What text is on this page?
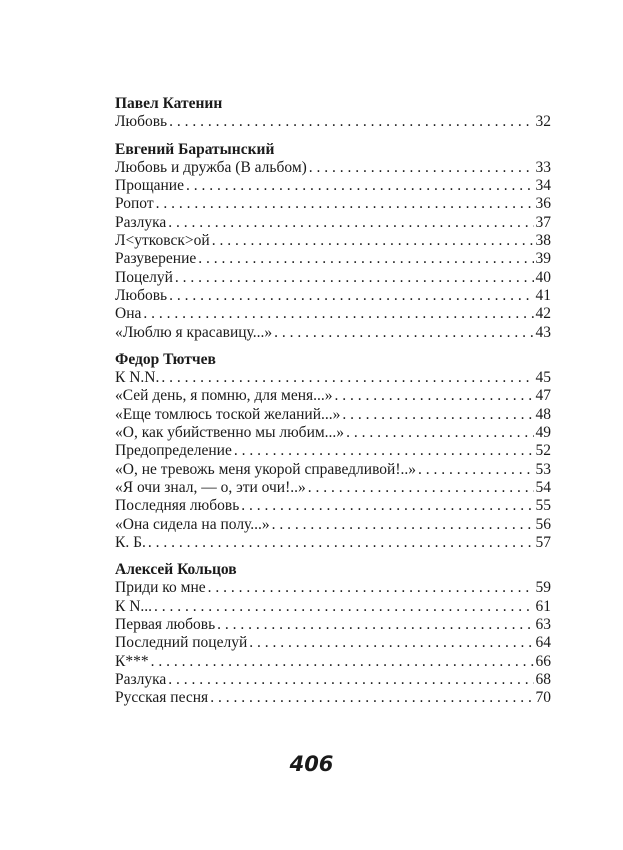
Павел Катенин
Любовь . . .	32
Евгений Баратынский
Любовь и дружба (В альбом) . . .	33
Прощание . . .	34
Ропот . . .	36
Разлука . . .	37
Л<утковск>ой . . .	38
Разуверение . . .	39
Поцелуй . . .	40
Любовь . . .	41
Она . . .	42
«Люблю я красавицу...» . . .	43
Федор Тютчев
К N.N. . . .	45
«Сей день, я помню, для меня...» . . .	47
«Еще томлюсь тоской желаний...» . . .	48
«О, как убийственно мы любим...» . . .	49
Предопределение . . .	52
«О, не тревожь меня укорой справедливой!..» . . .	53
«Я очи знал, — о, эти очи!..» . . .	54
Последняя любовь . . .	55
«Она сидела на полу...» . . .	56
К. Б. . . .	57
Алексей Кольцов
Приди ко мне . . .	59
К N... . . .	61
Первая любовь . . .	63
Последний поцелуй . . .	64
К*** . . .	66
Разлука . . .	68
Русская песня . . .	70
406
